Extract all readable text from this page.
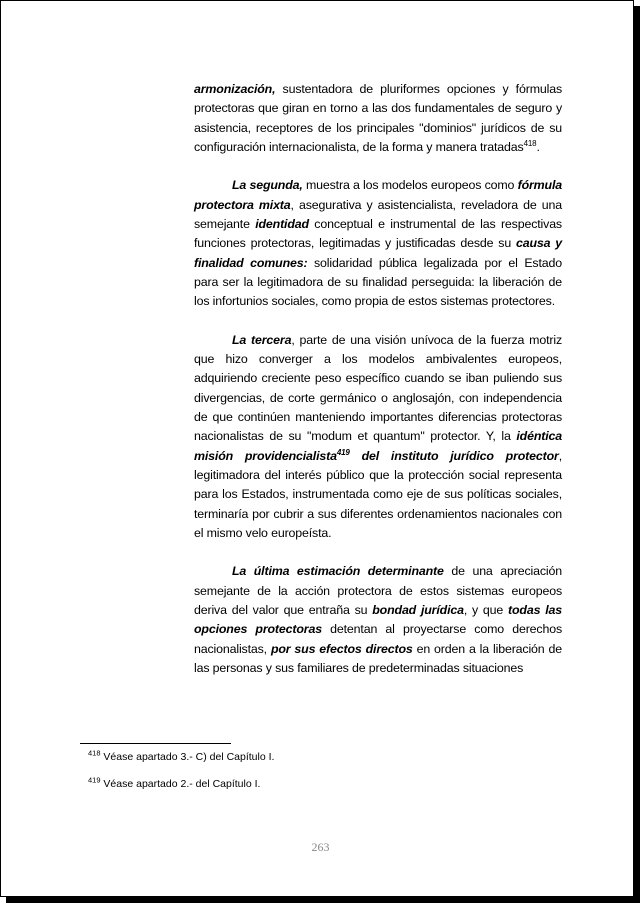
armonización, sustentadora de pluriformes opciones y fórmulas protectoras que giran en torno a las dos fundamentales de seguro y asistencia, receptores de los principales "dominios" jurídicos de su configuración internacionalista, de la forma y manera tratadas$^{418}$.

La segunda, muestra a los modelos europeos como fórmula protectora mixta, asegurativa y asistencialista, reveladora de una semejante identidad conceptual e instrumental de las respectivas funciones protectoras, legitimadas y justificadas desde su causa y finalidad comunes: solidaridad pública legalizada por el Estado para ser la legitimadora de su finalidad perseguida: la liberación de los infortunios sociales, como propia de estos sistemas protectores.

La tercera, parte de una visión unívoca de la fuerza motriz que hizo converger a los modelos ambivalentes europeos, adquiriendo creciente peso específico cuando se iban puliendo sus divergencias, de corte germánico o anglosajón, con independencia de que continúen manteniendo importantes diferencias protectoras nacionalistas de su "modum et quantum" protector. Y, la idéntica misión providencialista$^{419}$ del instituto jurídico protector, legitimadora del interés público que la protección social representa para los Estados, instrumentada como eje de sus políticas sociales, terminaría por cubrir a sus diferentes ordenamientos nacionales con el mismo velo europeísta.

La última estimación determinante de una apreciación semejante de la acción protectora de estos sistemas europeos deriva del valor que entraña su bondad jurídica, y que todas las opciones protectoras detentan al proyectarse como derechos nacionalistas, por sus efectos directos en orden a la liberación de las personas y sus familiares de predeterminadas situaciones

$^{418}$ Véase apartado 3.- C) del Capítulo I.
$^{419}$ Véase apartado 2.- del Capítulo I.
263
